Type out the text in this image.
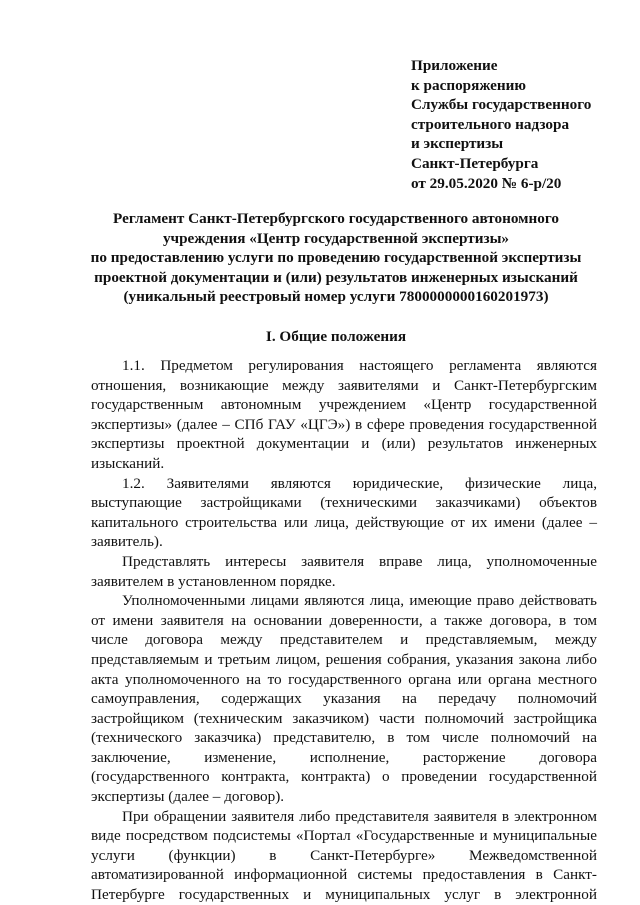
Приложение
к распоряжению
Службы государственного
строительного надзора
и экспертизы
Санкт-Петербурга
от 29.05.2020 № 6-р/20
Регламент Санкт-Петербургского государственного автономного
учреждения «Центр государственной экспертизы»
по предоставлению услуги по проведению государственной экспертизы
проектной документации и (или) результатов инженерных изысканий
(уникальный реестровый номер услуги 7800000000160201973)
I. Общие положения

1.1. Предметом регулирования настоящего регламента являются отношения, возникающие между заявителями и Санкт-Петербургским государственным автономным учреждением «Центр государственной экспертизы» (далее – СПб ГАУ «ЦГЭ») в сфере проведения государственной экспертизы проектной документации и (или) результатов инженерных изысканий.

1.2. Заявителями являются юридические, физические лица, выступающие застройщиками (техническими заказчиками) объектов капитального строительства или лица, действующие от их имени (далее – заявитель).

Представлять интересы заявителя вправе лица, уполномоченные заявителем в установленном порядке.

Уполномоченными лицами являются лица, имеющие право действовать от имени заявителя на основании доверенности, а также договора, в том числе договора между представителем и представляемым, между представляемым и третьим лицом, решения собрания, указания закона либо акта уполномоченного на то государственного органа или органа местного самоуправления, содержащих указания на передачу полномочий застройщиком (техническим заказчиком) части полномочий застройщика (технического заказчика) представителю, в том числе полномочий на заключение, изменение, исполнение, расторжение договора (государственного контракта, контракта) о проведении государственной экспертизы (далее – договор).

При обращении заявителя либо представителя заявителя в электронном виде посредством подсистемы «Портал «Государственные и муниципальные услуги (функции) в Санкт-Петербурге» Межведомственной автоматизированной информационной системы предоставления в Санкт-Петербурге государственных и муниципальных услуг в электронной
